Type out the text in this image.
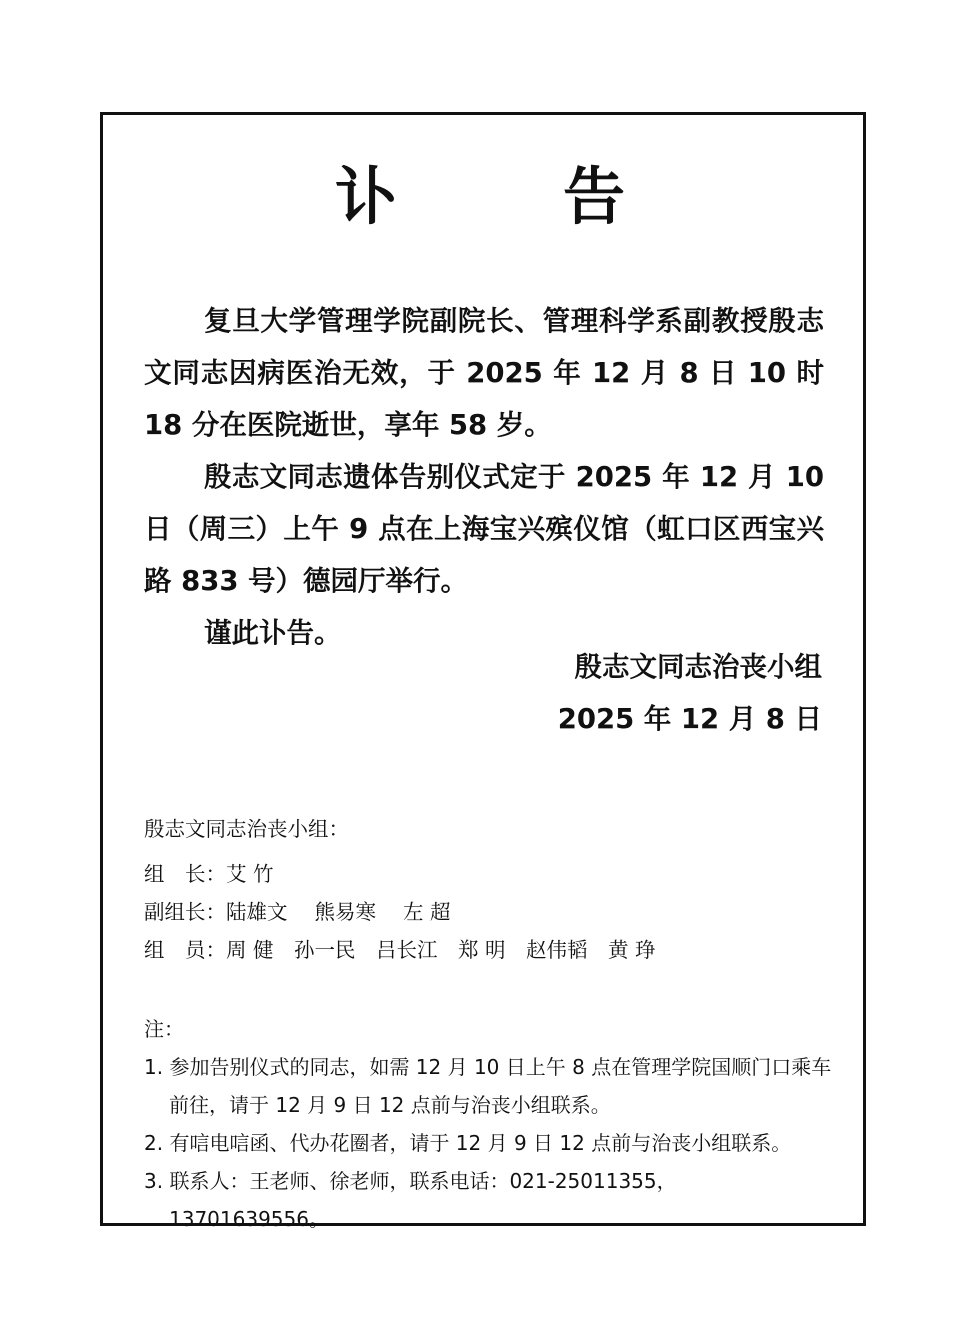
讣　告

复旦大学管理学院副院长、管理科学系副教授殷志文同志因病医治无效，于 2025 年 12 月 8 日 10 时 18 分在医院逝世，享年 58 岁。

殷志文同志遗体告别仪式定于 2025 年 12 月 10 日（周三）上午 9 点在上海宝兴殡仪馆（虹口区西宝兴路 833 号）德园厅举行。

谨此讣告。

殷志文同志治丧小组
2025 年 12 月 8 日
殷志文同志治丧小组：
组　长：艾 竹
副组长：陆雄文　 熊易寒　 左 超
组　员：周 健　孙一民　吕长江　郑 明　赵伟韬　黄 琤
注：
1. 参加告别仪式的同志，如需 12 月 10 日上午 8 点在管理学院国顺门口乘车前往，请于 12 月 9 日 12 点前与治丧小组联系。
2. 有唁电唁函、代办花圈者，请于 12 月 9 日 12 点前与治丧小组联系。
3. 联系人：王老师、徐老师，联系电话：021-25011355，13701639556。
